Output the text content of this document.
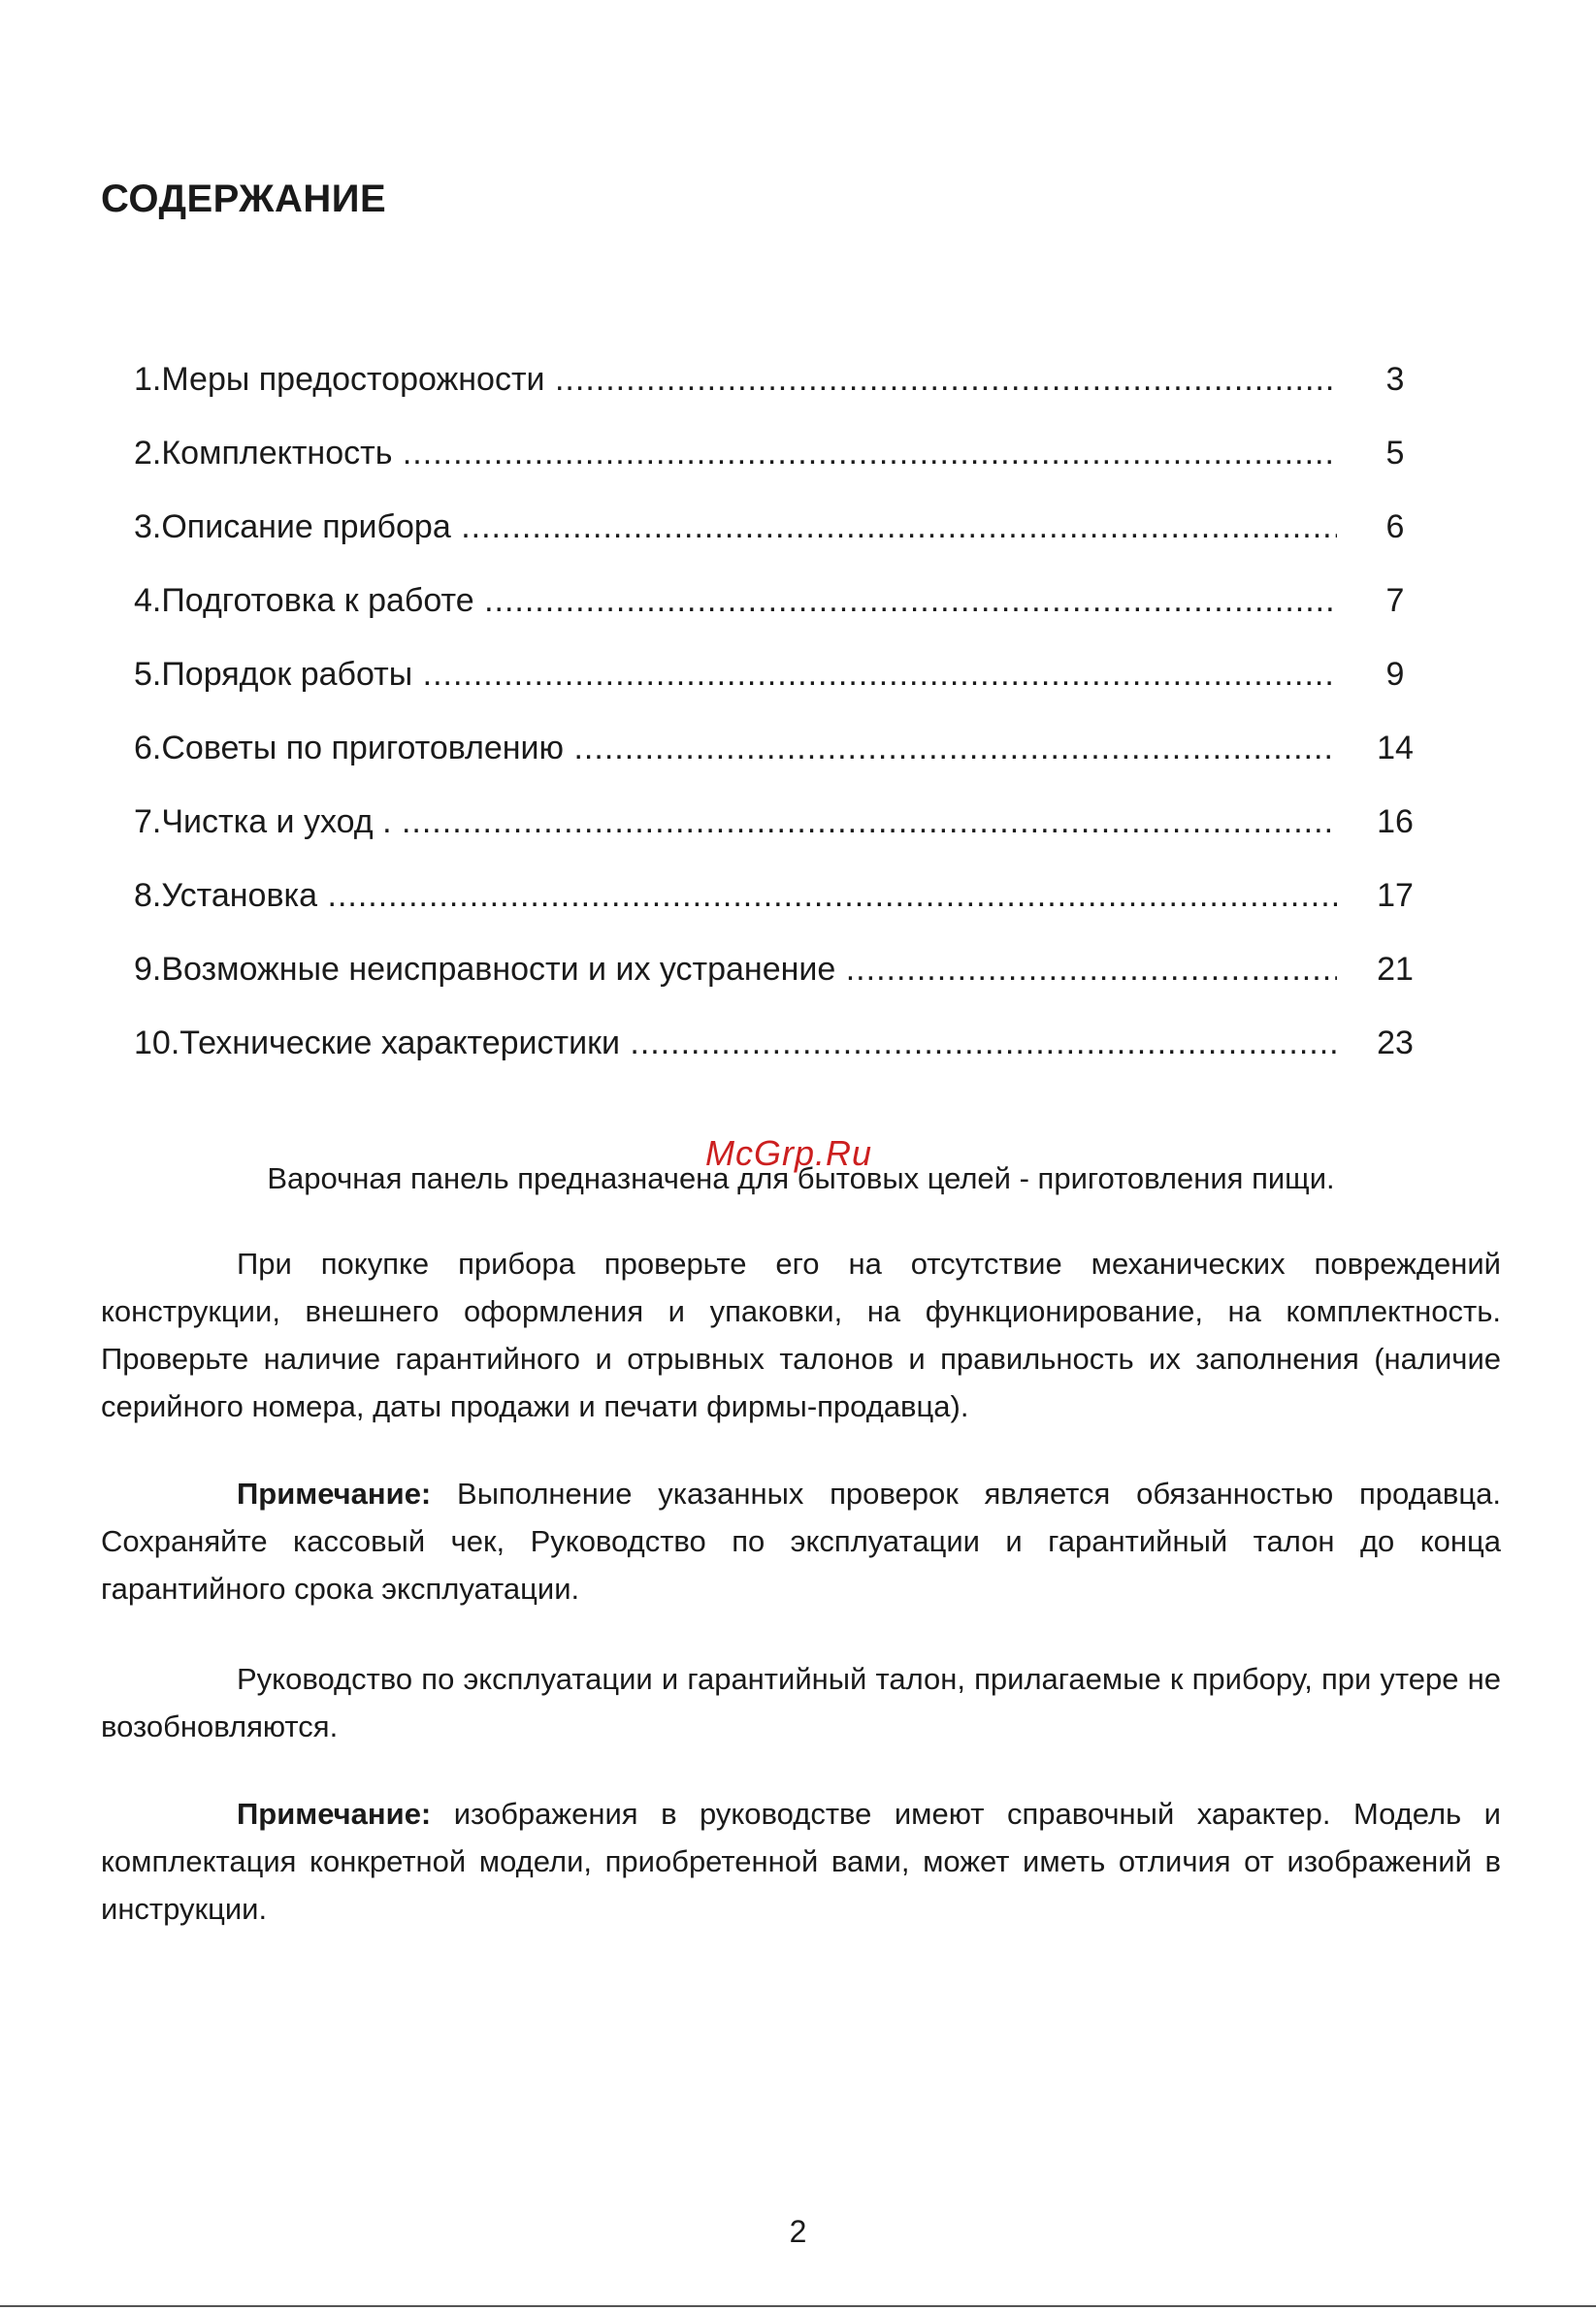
СОДЕРЖАНИЕ
1.Меры предосторожности .....	3
2.Комплектность .....	5
3.Описание прибора .....	6
4.Подготовка к работе .....	7
5.Порядок работы .....	9
6.Советы по приготовлению .....	14
7.Чистка и уход . .....	16
8.Установка .....	17
9.Возможные неисправности и их устранение .....	21
10.Технические характеристики .....	23
McGrp.Ru

Варочная панель предназначена для бытовых целей - приготовления пищи.

При покупке прибора проверьте его на отсутствие механических повреждений конструкции, внешнего оформления и упаковки, на функционирование, на комплектность. Проверьте наличие гарантийного и отрывных талонов и правильность их заполнения (наличие серийного номера, даты продажи и печати фирмы-продавца).

Примечание: Выполнение указанных проверок является обязанностью продавца. Сохраняйте кассовый чек, Руководство по эксплуатации и гарантийный талон до конца гарантийного срока эксплуатации.

Руководство по эксплуатации и гарантийный талон, прилагаемые к прибору, при утере не возобновляются.

Примечание: изображения в руководстве имеют справочный характер. Модель и комплектация конкретной модели, приобретенной вами, может иметь отличия от изображений в инструкции.

2
